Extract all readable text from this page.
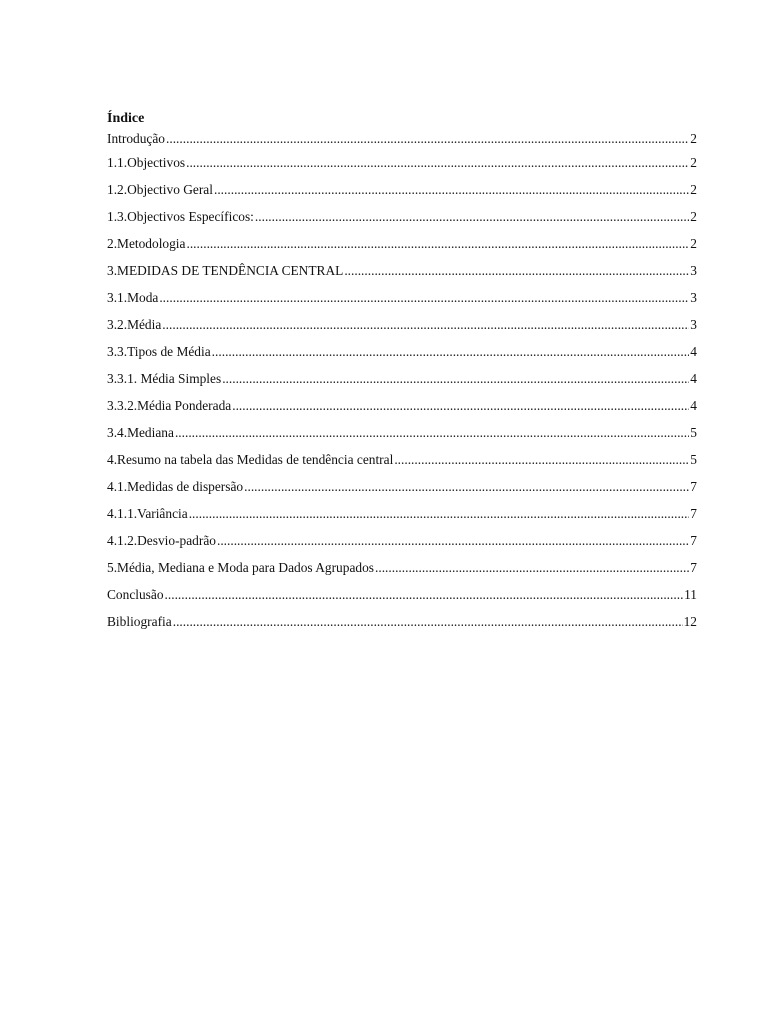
Índice
Introdução .....	2
1.1.Objectivos .....	2
1.2.Objectivo Geral .....	2
1.3.Objectivos Específicos: .....	2
2.Metodologia .....	2
3.MEDIDAS DE TENDÊNCIA CENTRAL .....	3
3.1.Moda .....	3
3.2.Média .....	3
3.3.Tipos de Média .....	4
3.3.1. Média Simples .....	4
3.3.2.Média Ponderada .....	4
3.4.Mediana .....	5
4.Resumo na tabela das Medidas de tendência central .....	5
4.1.Medidas de dispersão .....	7
4.1.1.Variância .....	7
4.1.2.Desvio-padrão .....	7
5.Média, Mediana e Moda para Dados Agrupados .....	7
Conclusão .....	11
Bibliografia .....	12
